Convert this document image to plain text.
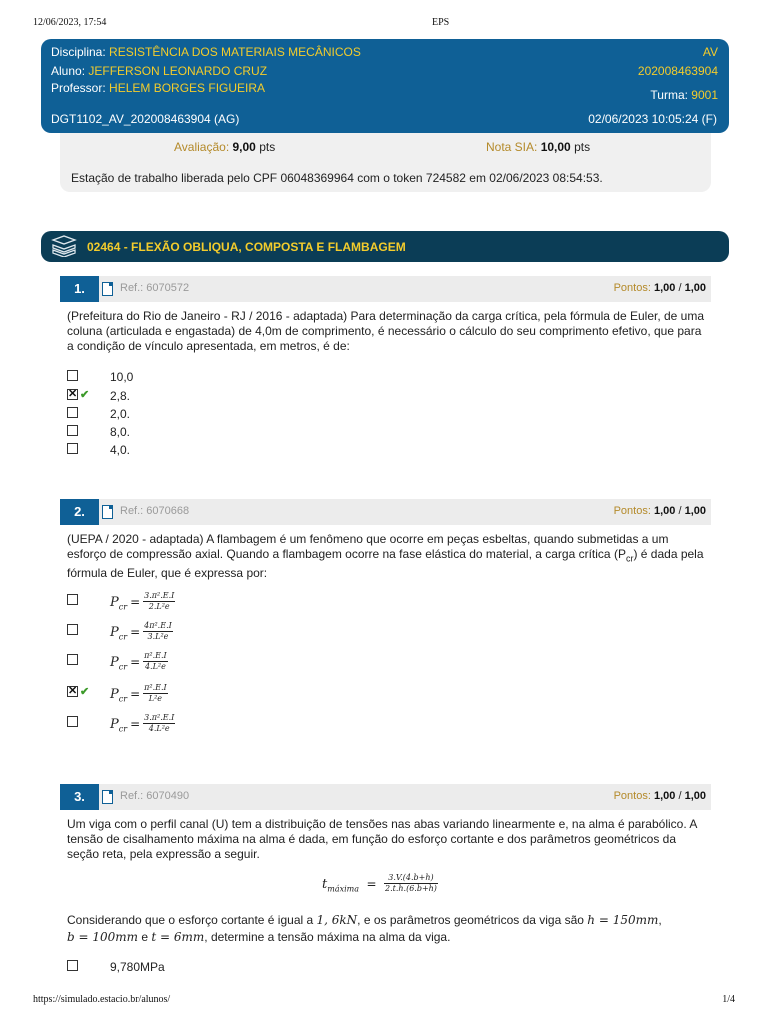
12/06/2023, 17:54	EPS
Disciplina: RESISTÊNCIA DOS MATERIAIS MECÂNICOS
Aluno: JEFFERSON LEONARDO CRUZ
Professor: HELEM BORGES FIGUEIRA
AV
202008463904
Turma: 9001
DGT1102_AV_202008463904 (AG)	02/06/2023 10:05:24 (F)
Avaliação: 9,00 pts	Nota SIA: 10,00 pts
Estação de trabalho liberada pelo CPF 06048369964 com o token 724582 em 02/06/2023 08:54:53.
02464 - FLEXÃO OBLIQUA, COMPOSTA E FLAMBAGEM
1.	Ref.: 6070572	Pontos: 1,00 / 1,00
(Prefeitura do Rio de Janeiro - RJ / 2016 - adaptada) Para determinação da carga crítica, pela fórmula de Euler, de uma coluna (articulada e engastada) de 4,0m de comprimento, é necessário o cálculo do seu comprimento efetivo, que para a condição de vínculo apresentada, em metros, é de:
10,0
✕
✔ 2,8.
2,0.
8,0.
4,0.
2.	Ref.: 6070668	Pontos: 1,00 / 1,00
(UEPA / 2020 - adaptada) A flambagem é um fenômeno que ocorre em peças esbeltas, quando submetidas a um esforço de compressão axial. Quando a flambagem ocorre na fase elástica do material, a carga crítica $(P_{cr})$ é dada pela fórmula de Euler, que é expressa por:
$P_{cr} = \frac{\text{3.π².E.I}}{\text{2.L²e}}$
$P_{cr} = \frac{\text{4π².E.I}}{\text{3.L²e}}$
$P_{cr} = \frac{\text{π².E.I}}{\text{4.L²e}}$
✕
✔ $P_{cr} = \frac{\text{π².E.I}}{\text{L²e}}$
$P_{cr} = \frac{\text{3.π².E.I}}{\text{4.L²e}}$
3.	Ref.: 6070490	Pontos: 1,00 / 1,00
Um viga com o perfil canal (U) tem a distribuição de tensões nas abas variando linearmente e, na alma é parabólico. A tensão de cisalhamento máxima na alma é dada, em função do esforço cortante e dos parâmetros geométricos da seção reta, pela expressão a seguir.
$t_{máxima} = \frac{3.V.(4.b+h)}{2.t.h.(6.b+h)}$
Considerando que o esforço cortante é igual a 1, 6kN, e os parâmetros geométricos da viga são h = 150mm,
b = 100mm e t = 6mm, determine a tensão máxima na alma da viga.
9,780MPa
https://simulado.estacio.br/alunos/	1/4
